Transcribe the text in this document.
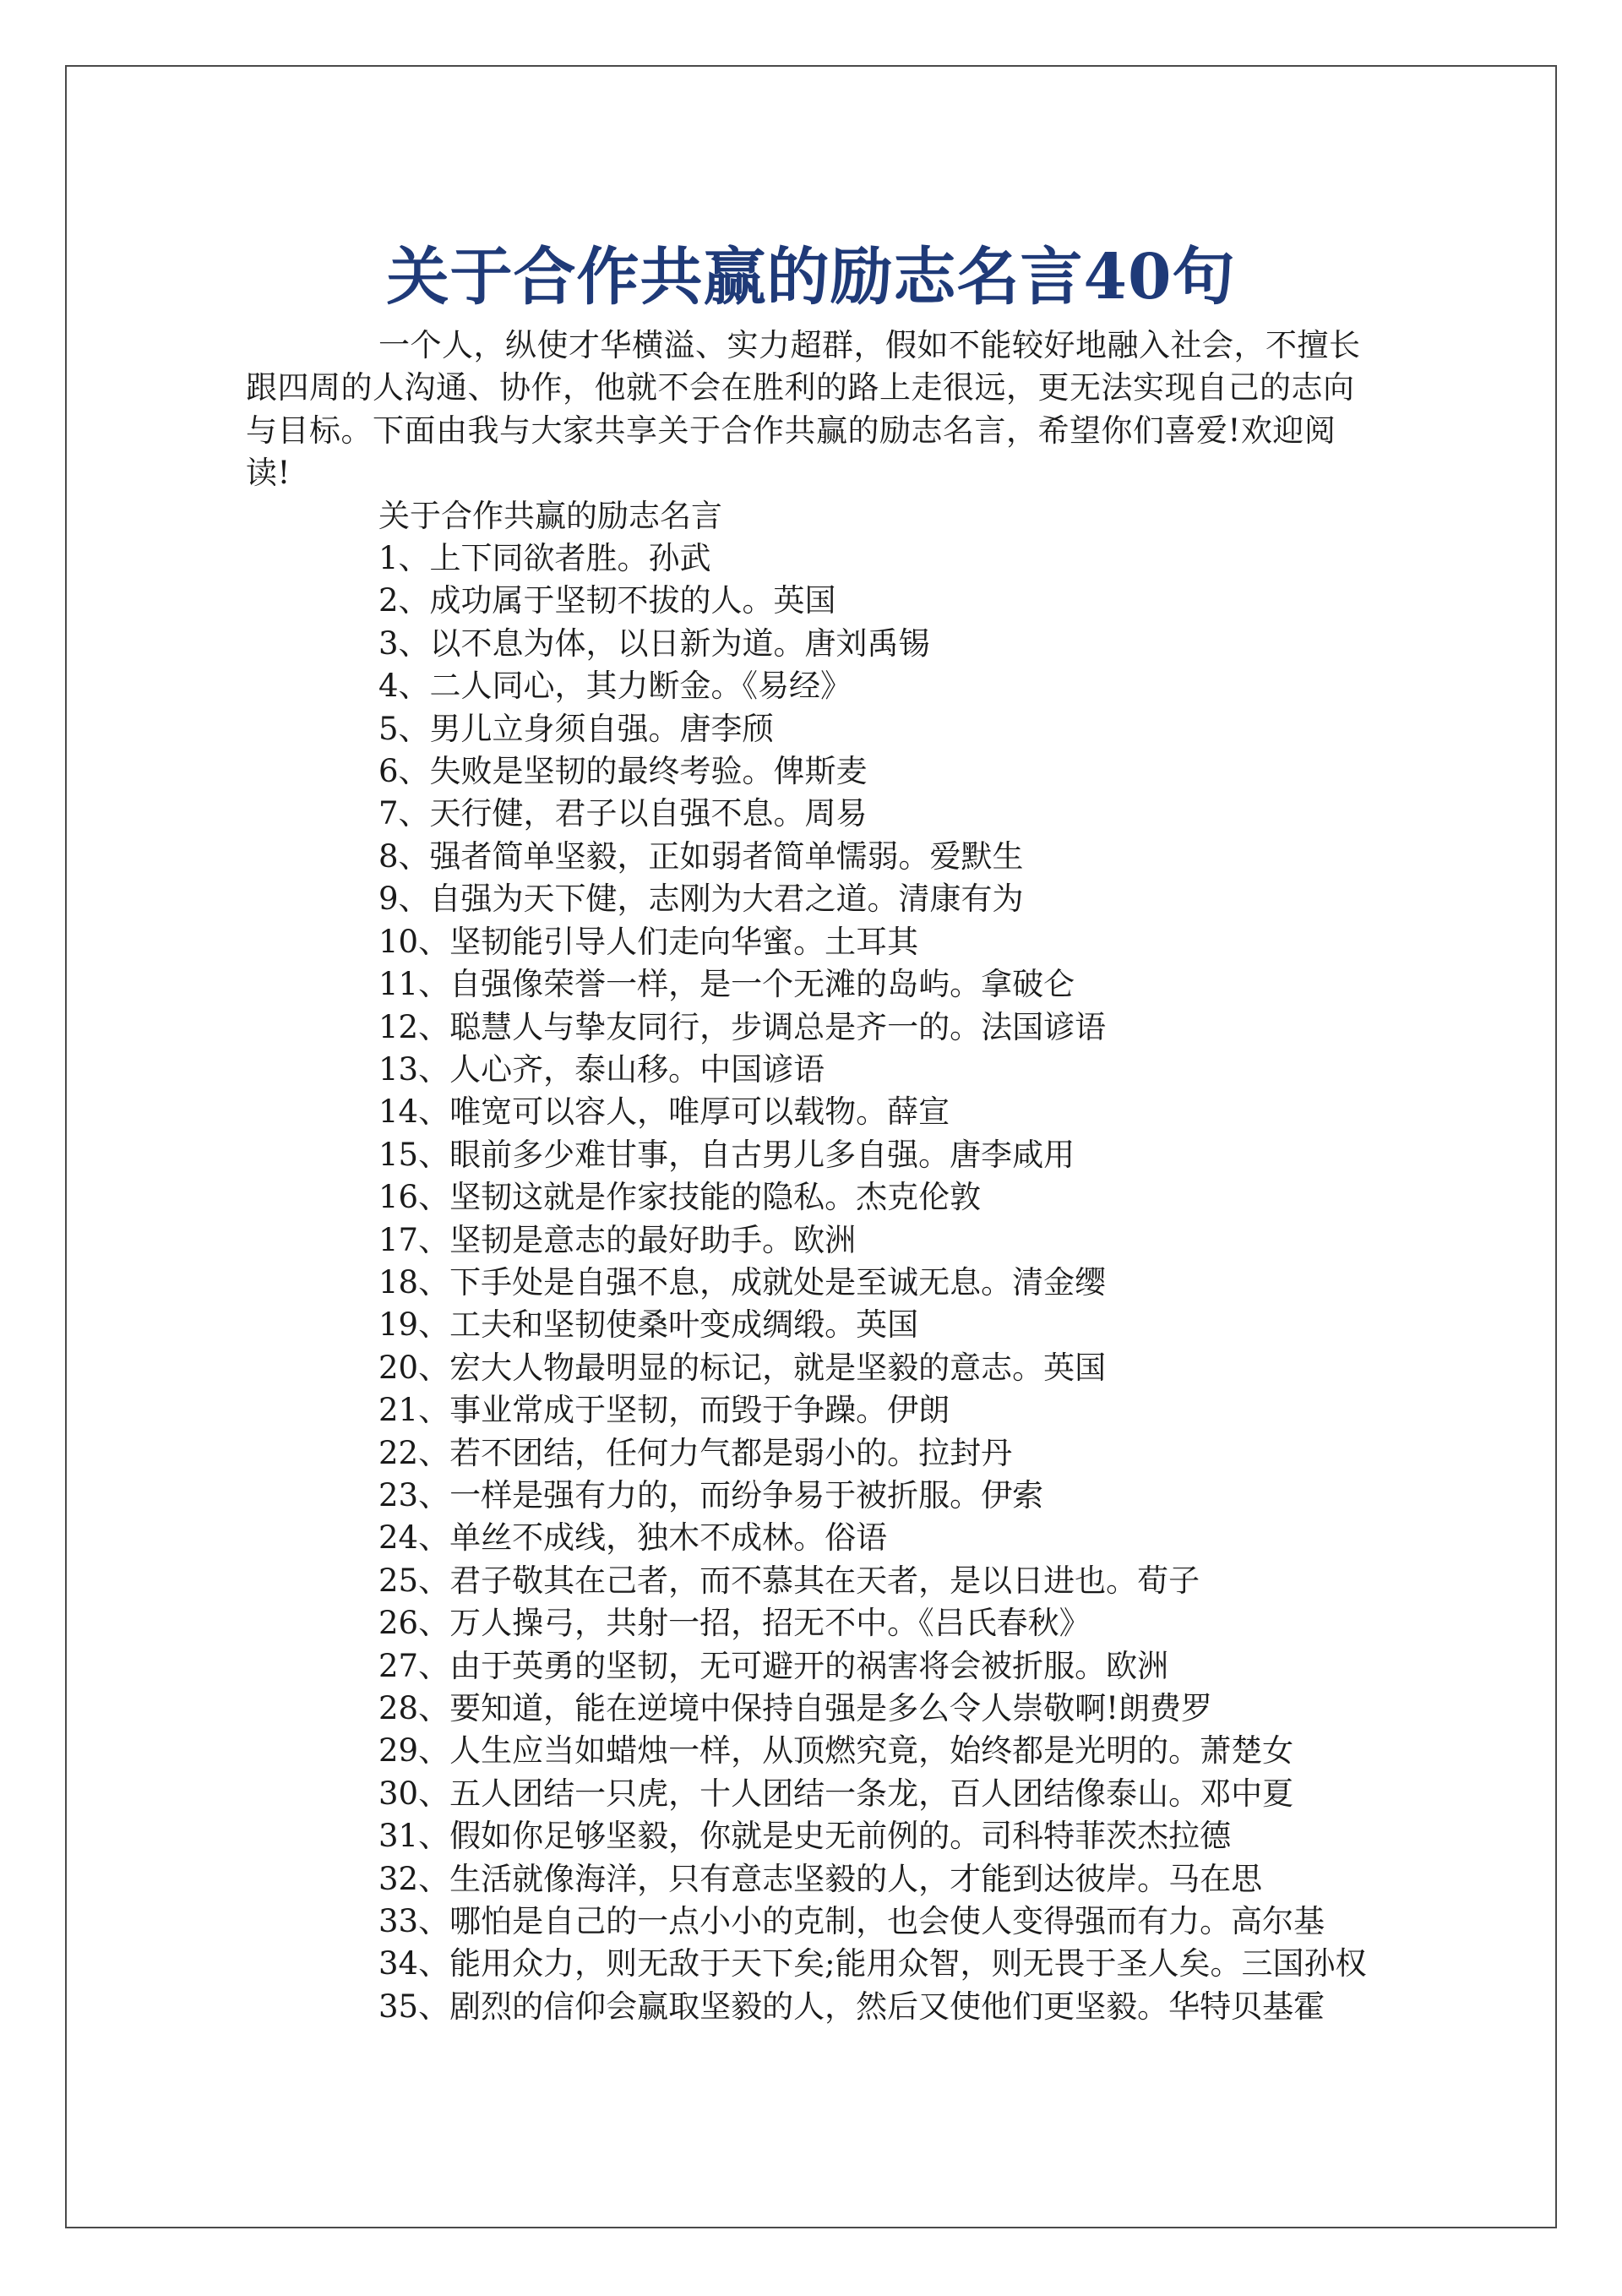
关于合作共赢的励志名言40句

一个人，纵使才华横溢、实力超群，假如不能较好地融入社会，不擅长跟四周的人沟通、协作，他就不会在胜利的路上走很远，更无法实现自己的志向与目标。下面由我与大家共享关于合作共赢的励志名言，希望你们喜爱!欢迎阅读!

关于合作共赢的励志名言

1、上下同欲者胜。孙武
2、成功属于坚韧不拔的人。英国
3、以不息为体，以日新为道。唐刘禹锡
4、二人同心，其力断金。《易经》
5、男儿立身须自强。唐李颀
6、失败是坚韧的最终考验。俾斯麦
7、天行健，君子以自强不息。周易
8、强者简单坚毅，正如弱者简单懦弱。爱默生
9、自强为天下健，志刚为大君之道。清康有为
10、坚韧能引导人们走向华蜜。土耳其
11、自强像荣誉一样，是一个无滩的岛屿。拿破仑
12、聪慧人与挚友同行，步调总是齐一的。法国谚语
13、人心齐，泰山移。中国谚语
14、唯宽可以容人，唯厚可以载物。薛宣
15、眼前多少难甘事，自古男儿多自强。唐李咸用
16、坚韧这就是作家技能的隐私。杰克伦敦
17、坚韧是意志的最好助手。欧洲
18、下手处是自强不息，成就处是至诚无息。清金缨
19、工夫和坚韧使桑叶变成绸缎。英国
20、宏大人物最明显的标记，就是坚毅的意志。英国
21、事业常成于坚韧，而毁于争躁。伊朗
22、若不团结，任何力气都是弱小的。拉封丹
23、一样是强有力的，而纷争易于被折服。伊索
24、单丝不成线，独木不成林。俗语
25、君子敬其在己者，而不慕其在天者，是以日进也。荀子
26、万人操弓，共射一招，招无不中。《吕氏春秋》
27、由于英勇的坚韧，无可避开的祸害将会被折服。欧洲
28、要知道，能在逆境中保持自强是多么令人崇敬啊!朗费罗
29、人生应当如蜡烛一样，从顶燃究竟，始终都是光明的。萧楚女
30、五人团结一只虎，十人团结一条龙，百人团结像泰山。邓中夏
31、假如你足够坚毅，你就是史无前例的。司科特菲茨杰拉德
32、生活就像海洋，只有意志坚毅的人，才能到达彼岸。马在思
33、哪怕是自己的一点小小的克制，也会使人变得强而有力。高尔基
34、能用众力，则无敌于天下矣;能用众智，则无畏于圣人矣。三国孙权
35、剧烈的信仰会赢取坚毅的人，然后又使他们更坚毅。华特贝基霍
